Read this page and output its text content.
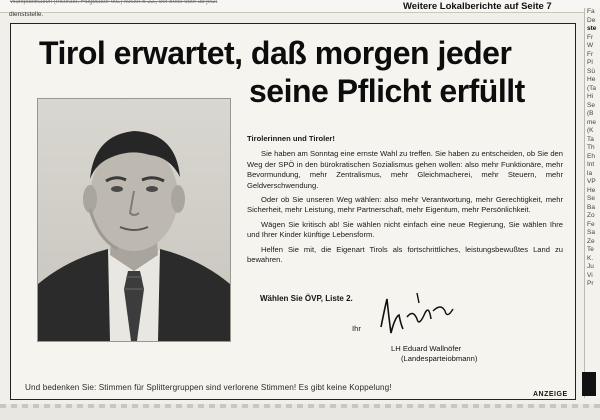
Wahlpublikation (Inserate, Flugblätter etc.) kostet S 22,, bei Seite oder ab jetzt	Weitere Lokalberichte auf Seite 7
dienststelle.
Tirol erwartet, daß morgen jeder
seine Pflicht erfüllt

Tirolerinnen und Tiroler!

Sie haben am Sonntag eine ernste Wahl zu treffen. Sie haben zu entscheiden, ob Sie den Weg der SPÖ in den bürokratischen Sozialismus gehen wollen: also mehr Funktionäre, mehr Bevormundung, mehr Zentralismus, mehr Gleichmacherei, mehr Steuern, mehr Geldverschwendung.

Oder ob Sie unseren Weg wählen: also mehr Verantwortung, mehr Gerechtigkeit, mehr Sicherheit, mehr Leistung, mehr Partnerschaft, mehr Eigentum, mehr Persönlichkeit.

Wägen Sie kritisch ab! Sie wählen nicht einfach eine neue Regierung, Sie wählen Ihre und Ihrer Kinder künftige Lebensform.

Helfen Sie mit, die Eigenart Tirols als fortschrittliches, leistungsbewußtes Land zu bewahren.

Wählen Sie ÖVP, Liste 2.
Ihr
LH Eduard Wallnöfer
(Landesparteiobmann)
Und bedenken Sie: Stimmen für Splittergruppen sind verlorene Stimmen! Es gibt keine Koppelung!
ANZEIGE
Fa
De
ste
Fr
W
Fr
Pl
Sü
He
(Ta
Hi
Se
(B
me
(K
Ta
Th
Eh
Int
la
VP
He
Se
Ba
Zo
Fe
Sa
Ze
Te
K.
Ju
Vi
Pr
